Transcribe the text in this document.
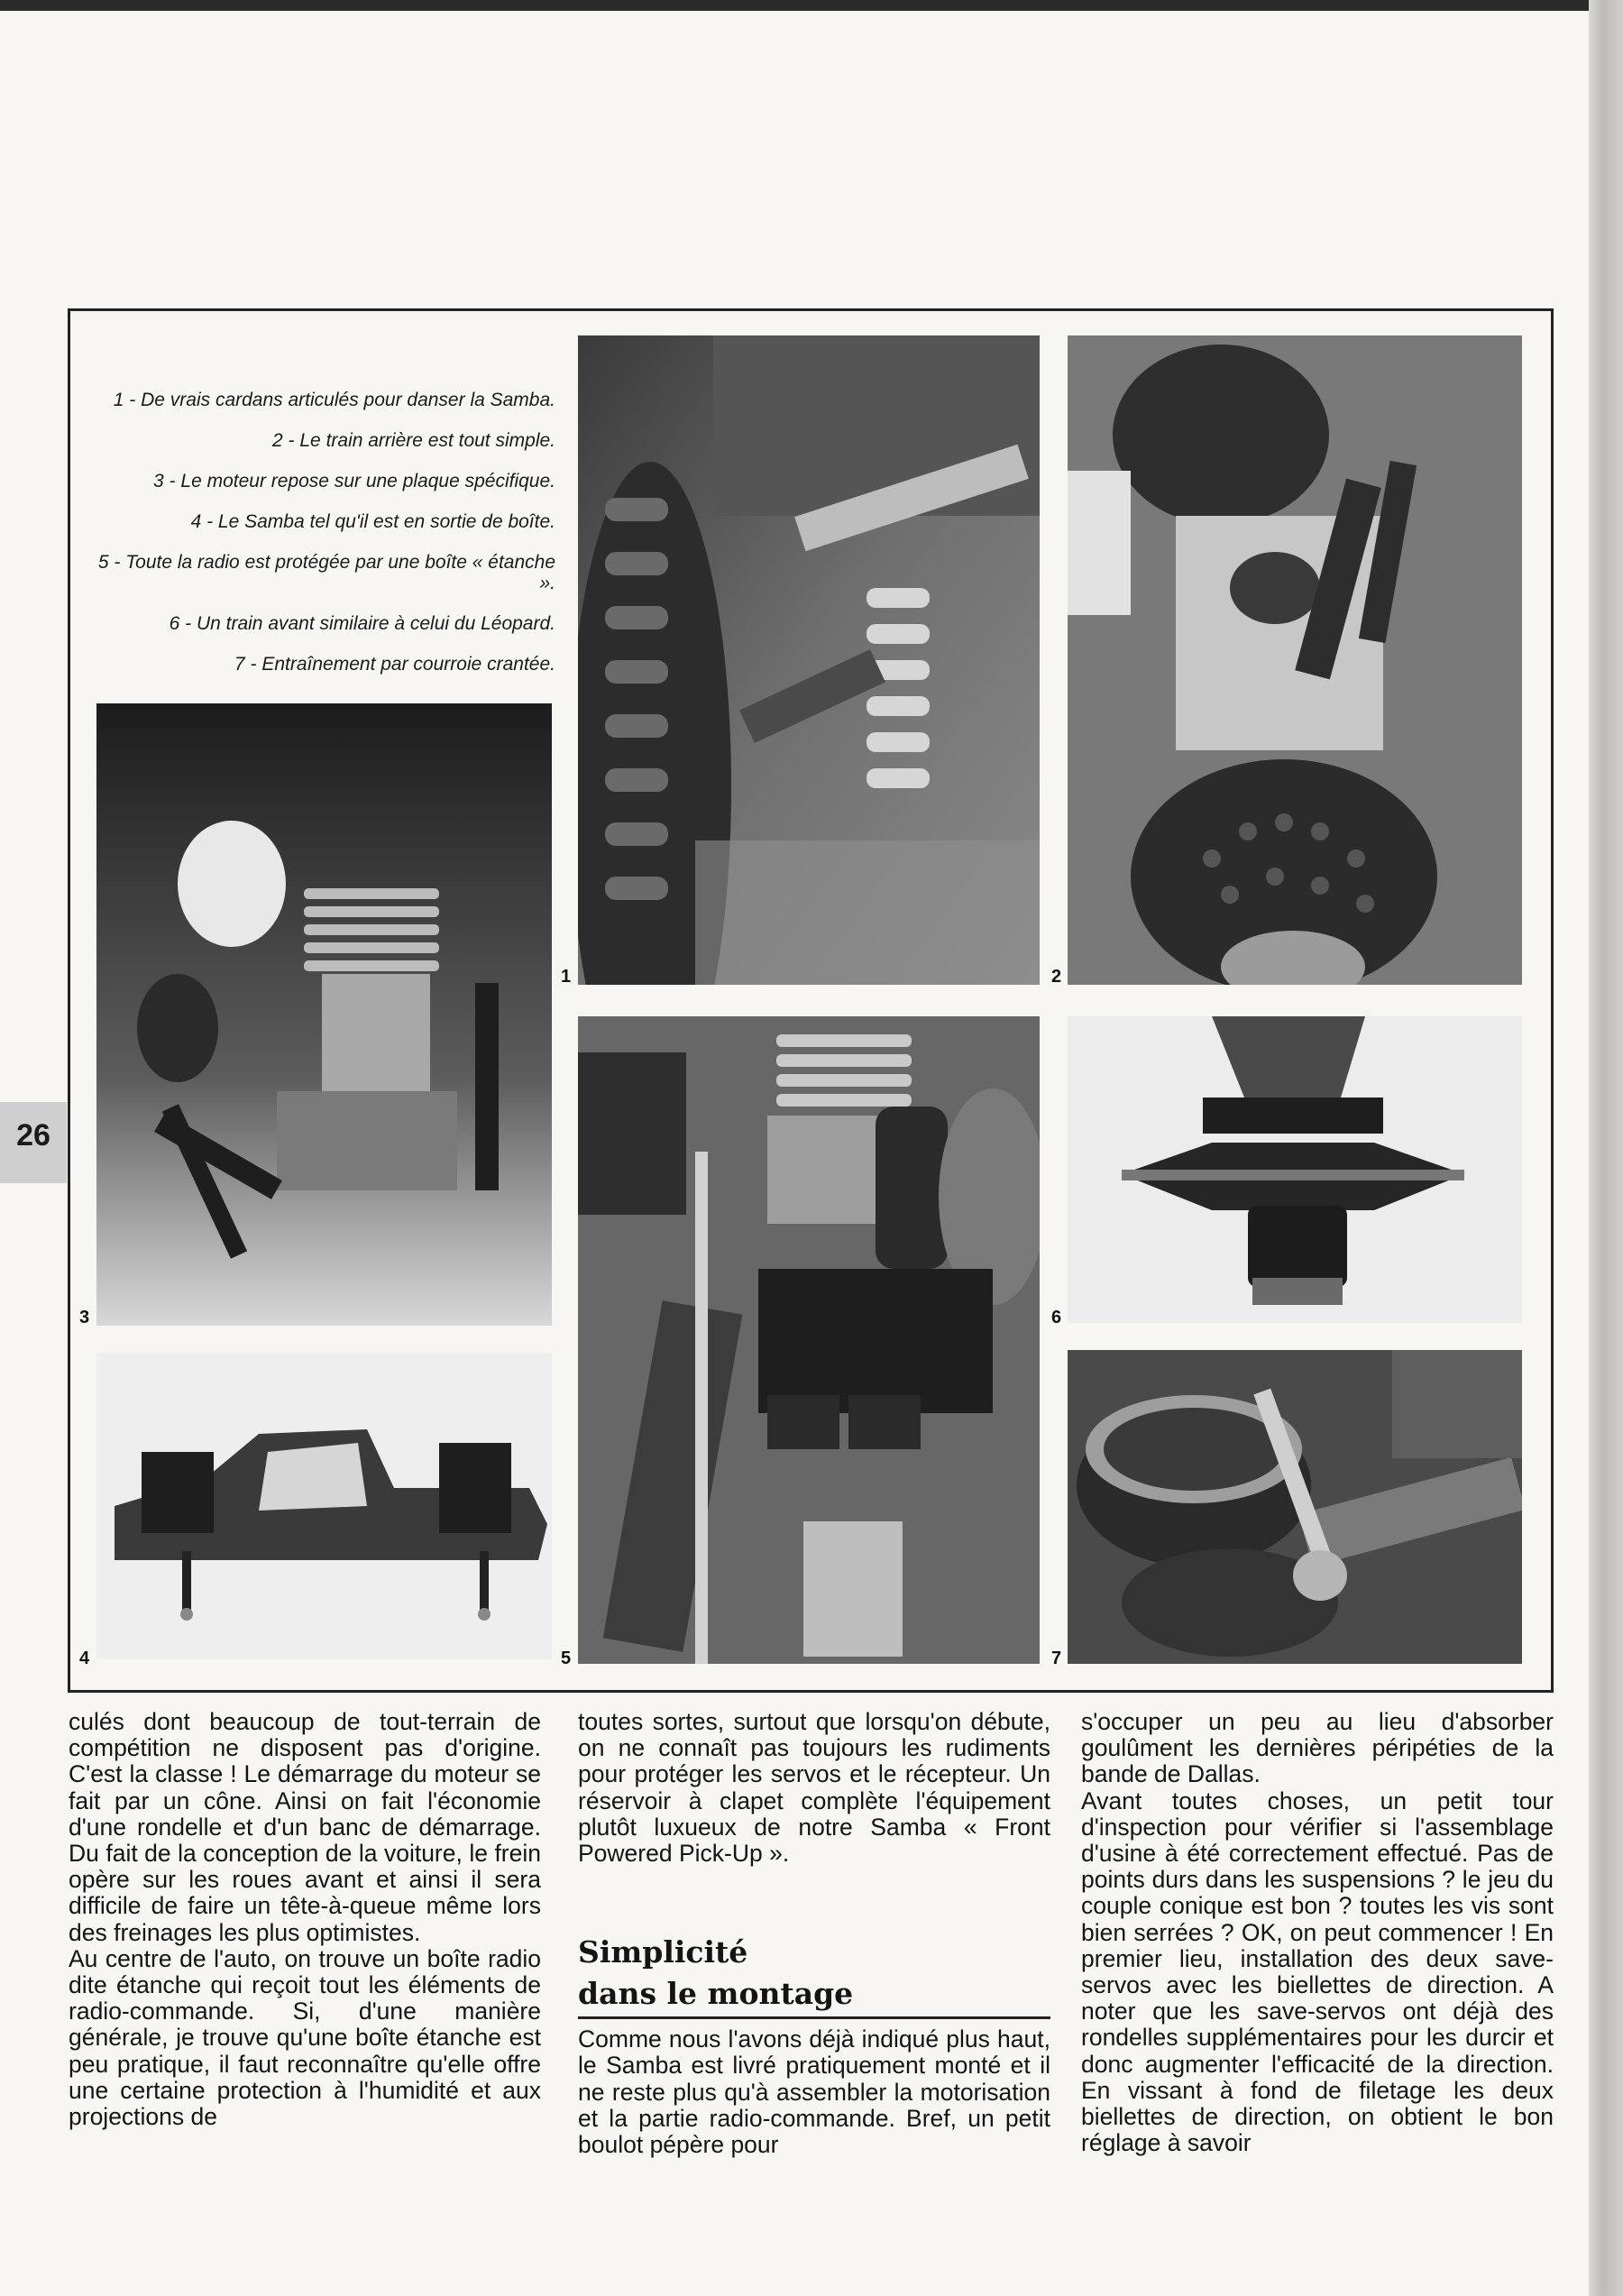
26
1 - De vrais cardans articulés pour danser la Samba.
2 - Le train arrière est tout simple.
3 - Le moteur repose sur une plaque spécifique.
4 - Le Samba tel qu'il est en sortie de boîte.
5 - Toute la radio est protégée par une boîte « étanche ».
6 - Un train avant similaire à celui du Léopard.
7 - Entraînement par courroie crantée.
1	2
3
4	5
6
7

culés dont beaucoup de tout-terrain de compétition ne disposent pas d'origine. C'est la classe ! Le démarrage du moteur se fait par un cône. Ainsi on fait l'économie d'une rondelle et d'un banc de démarrage. Du fait de la conception de la voiture, le frein opère sur les roues avant et ainsi il sera difficile de faire un tête-à-queue même lors des freinages les plus optimistes.

Au centre de l'auto, on trouve un boîte radio dite étanche qui reçoit tout les éléments de radio-commande. Si, d'une manière générale, je trouve qu'une boîte étanche est peu pratique, il faut reconnaître qu'elle offre une certaine protection à l'humidité et aux projections de

toutes sortes, surtout que lorsqu'on débute, on ne connaît pas toujours les rudiments pour protéger les servos et le récepteur. Un réservoir à clapet complète l'équipement plutôt luxueux de notre Samba « Front Powered Pick-Up ».

Simplicité
dans le montage

Comme nous l'avons déjà indiqué plus haut, le Samba est livré pratiquement monté et il ne reste plus qu'à assembler la motorisation et la partie radio-commande. Bref, un petit boulot pépère pour

s'occuper un peu au lieu d'absorber goulûment les dernières péripéties de la bande de Dallas.

Avant toutes choses, un petit tour d'inspection pour vérifier si l'assemblage d'usine à été correctement effectué. Pas de points durs dans les suspensions ? le jeu du couple conique est bon ? toutes les vis sont bien serrées ? OK, on peut commencer ! En premier lieu, installation des deux save-servos avec les biellettes de direction. A noter que les save-servos ont déjà des rondelles supplémentaires pour les durcir et donc augmenter l'efficacité de la direction. En vissant à fond de filetage les deux biellettes de direction, on obtient le bon réglage à savoir
